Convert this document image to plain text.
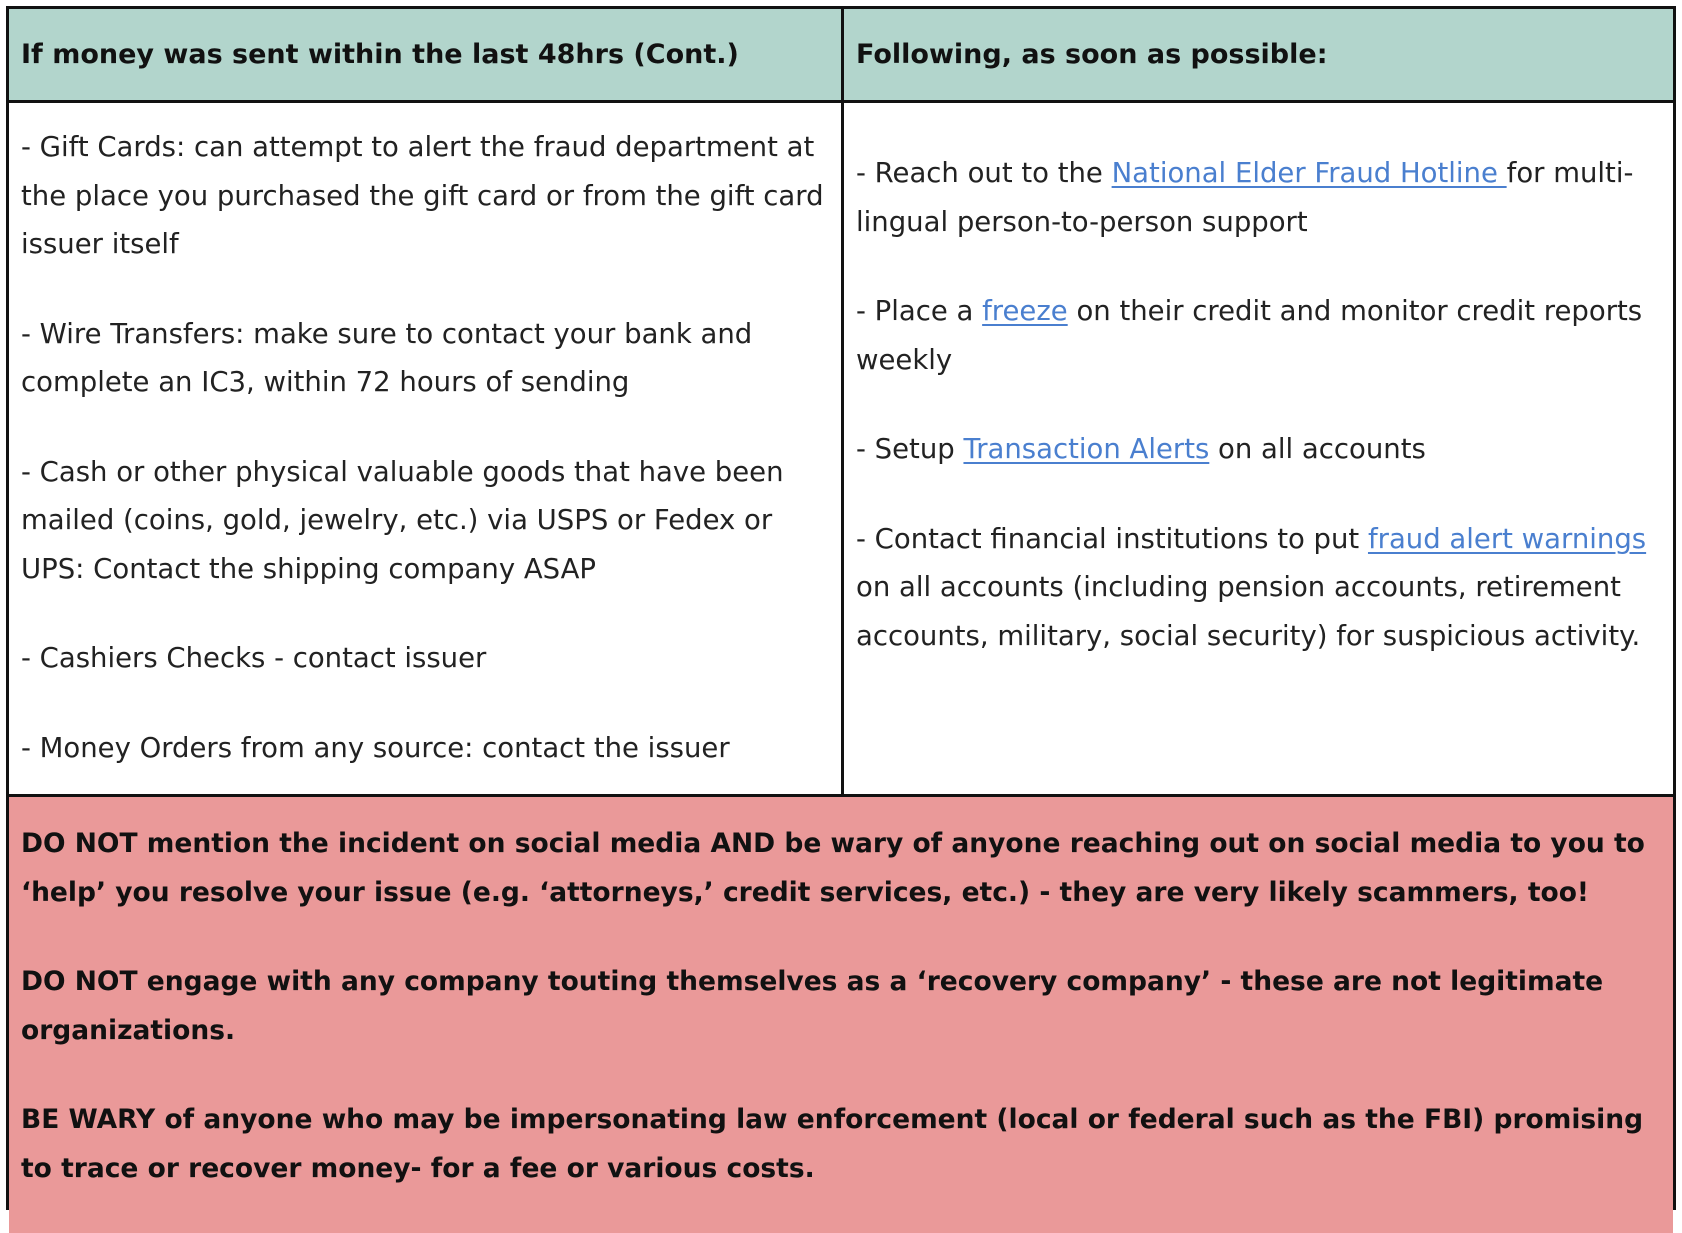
If money was sent within the last 48hrs (Cont.)	Following, as soon as possible:

- Gift Cards: can attempt to alert the fraud department at the place you purchased the gift card or from the gift card issuer itself

- Wire Transfers: make sure to contact your bank and complete an IC3, within 72 hours of sending

- Cash or other physical valuable goods that have been mailed (coins, gold, jewelry, etc.) via USPS or Fedex or UPS: Contact the shipping company ASAP

- Cashiers Checks - contact issuer

- Money Orders from any source: contact the issuer

- Reach out to the National Elder Fraud Hotline for multi-lingual person-to-person support

- Place a freeze on their credit and monitor credit reports weekly

- Setup Transaction Alerts on all accounts

- Contact financial institutions to put fraud alert warnings on all accounts (including pension accounts, retirement accounts, military, social security) for suspicious activity.

DO NOT mention the incident on social media AND be wary of anyone reaching out on social media to you to ‘help’ you resolve your issue (e.g. ‘attorneys,’ credit services, etc.) - they are very likely scammers, too!

DO NOT engage with any company touting themselves as a ‘recovery company’ - these are not legitimate organizations.

BE WARY of anyone who may be impersonating law enforcement (local or federal such as the FBI) promising to trace or recover money- for a fee or various costs.
